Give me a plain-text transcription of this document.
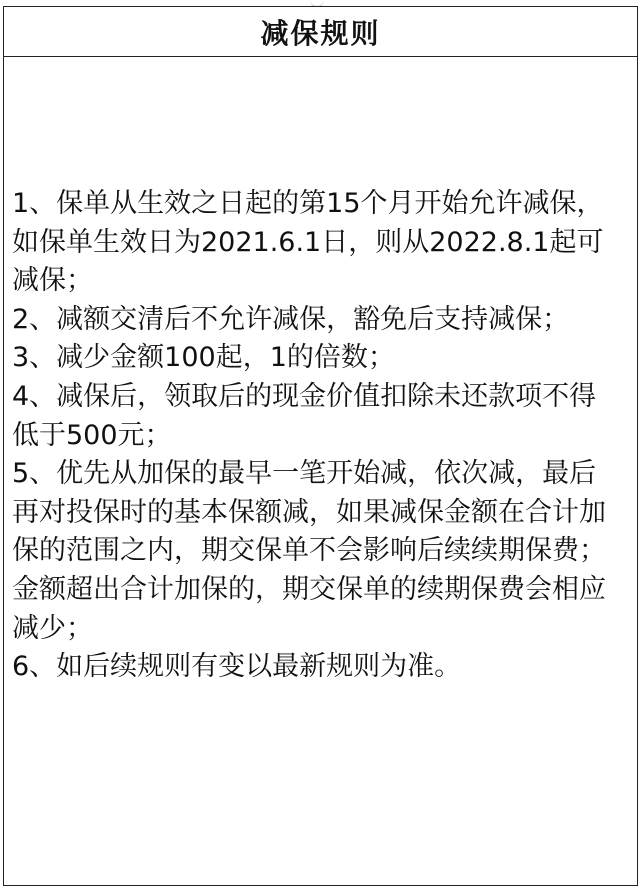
减保规则

1、保单从生效之日起的第15个月开始允许减保，如保单生效日为2021.6.1日，则从2022.8.1起可减保；

2、减额交清后不允许减保，豁免后支持减保；

3、减少金额100起，1的倍数；

4、减保后，领取后的现金价值扣除未还款项不得低于500元；

5、优先从加保的最早一笔开始减，依次减，最后再对投保时的基本保额减，如果减保金额在合计加保的范围之内，期交保单不会影响后续续期保费；金额超出合计加保的，期交保单的续期保费会相应减少；

6、如后续规则有变以最新规则为准。
